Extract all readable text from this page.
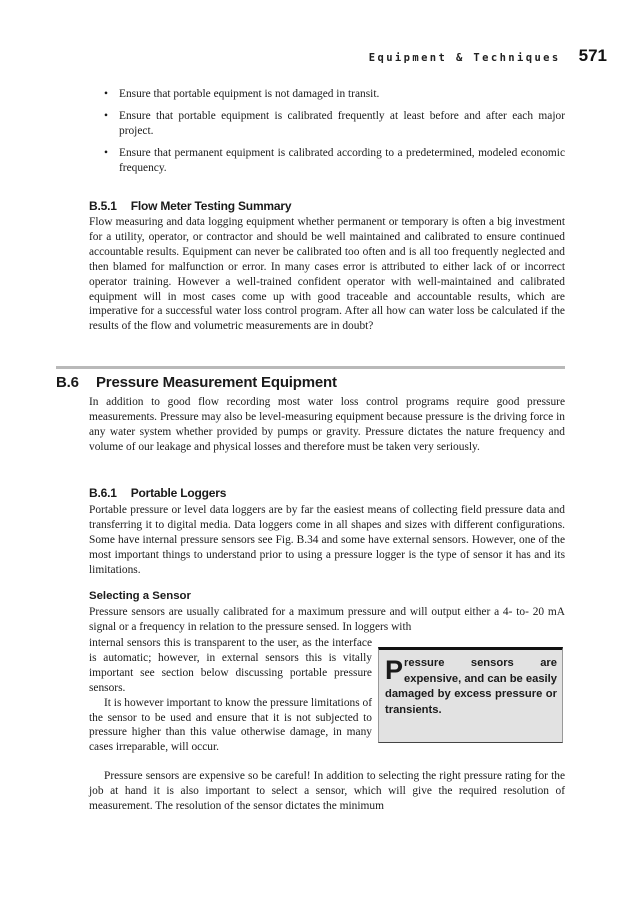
Equipment & Techniques 571
• Ensure that portable equipment is not damaged in transit.
• Ensure that portable equipment is calibrated frequently at least before and after each major project.
• Ensure that permanent equipment is calibrated according to a predetermined, modeled economic frequency.
B.5.1 Flow Meter Testing Summary

Flow measuring and data logging equipment whether permanent or temporary is often a big investment for a utility, operator, or contractor and should be well maintained and calibrated to ensure continued accountable results. Equipment can never be calibrated too often and is all too frequently neglected and then blamed for malfunction or error. In many cases error is attributed to either lack of or incorrect operator training. However a well-trained confident operator with well-maintained and calibrated equipment will in most cases come up with good traceable and accountable results, which are imperative for a successful water loss control program. After all how can water loss be calculated if the results of the flow and volumetric measurements are in doubt?

B.6 Pressure Measurement Equipment

In addition to good flow recording most water loss control programs require good pressure measurements. Pressure may also be level-measuring equipment because pressure is the driving force in any water system whether provided by pumps or gravity. Pressure dictates the nature frequency and volume of our leakage and physical losses and therefore must be taken very seriously.

B.6.1 Portable Loggers

Portable pressure or level data loggers are by far the easiest means of collecting field pressure data and transferring it to digital media. Data loggers come in all shapes and sizes with different configurations. Some have internal pressure sensors see Fig. B.34 and some have external sensors. However, one of the most important things to understand prior to using a pressure logger is the type of sensor it has and its limitations.

Selecting a Sensor

Pressure sensors are usually calibrated for a maximum pressure and will output either a 4- to- 20 mA signal or a frequency in relation to the pressure sensed. In loggers with

internal sensors this is transparent to the user, as the interface is automatic; however, in external sensors this is vitally important see section below discussing portable pressure sensors.

It is however important to know the pressure limitations of the sensor to be used and ensure that it is not subjected to pressure higher than this value otherwise damage, in many cases irreparable, will occur.

Pressure sensors are expensive, and can be easily damaged by excess pressure or transients.

Pressure sensors are expensive so be careful! In addition to selecting the right pressure rating for the job at hand it is also important to select a sensor, which will give the required resolution of measurement. The resolution of the sensor dictates the minimum
